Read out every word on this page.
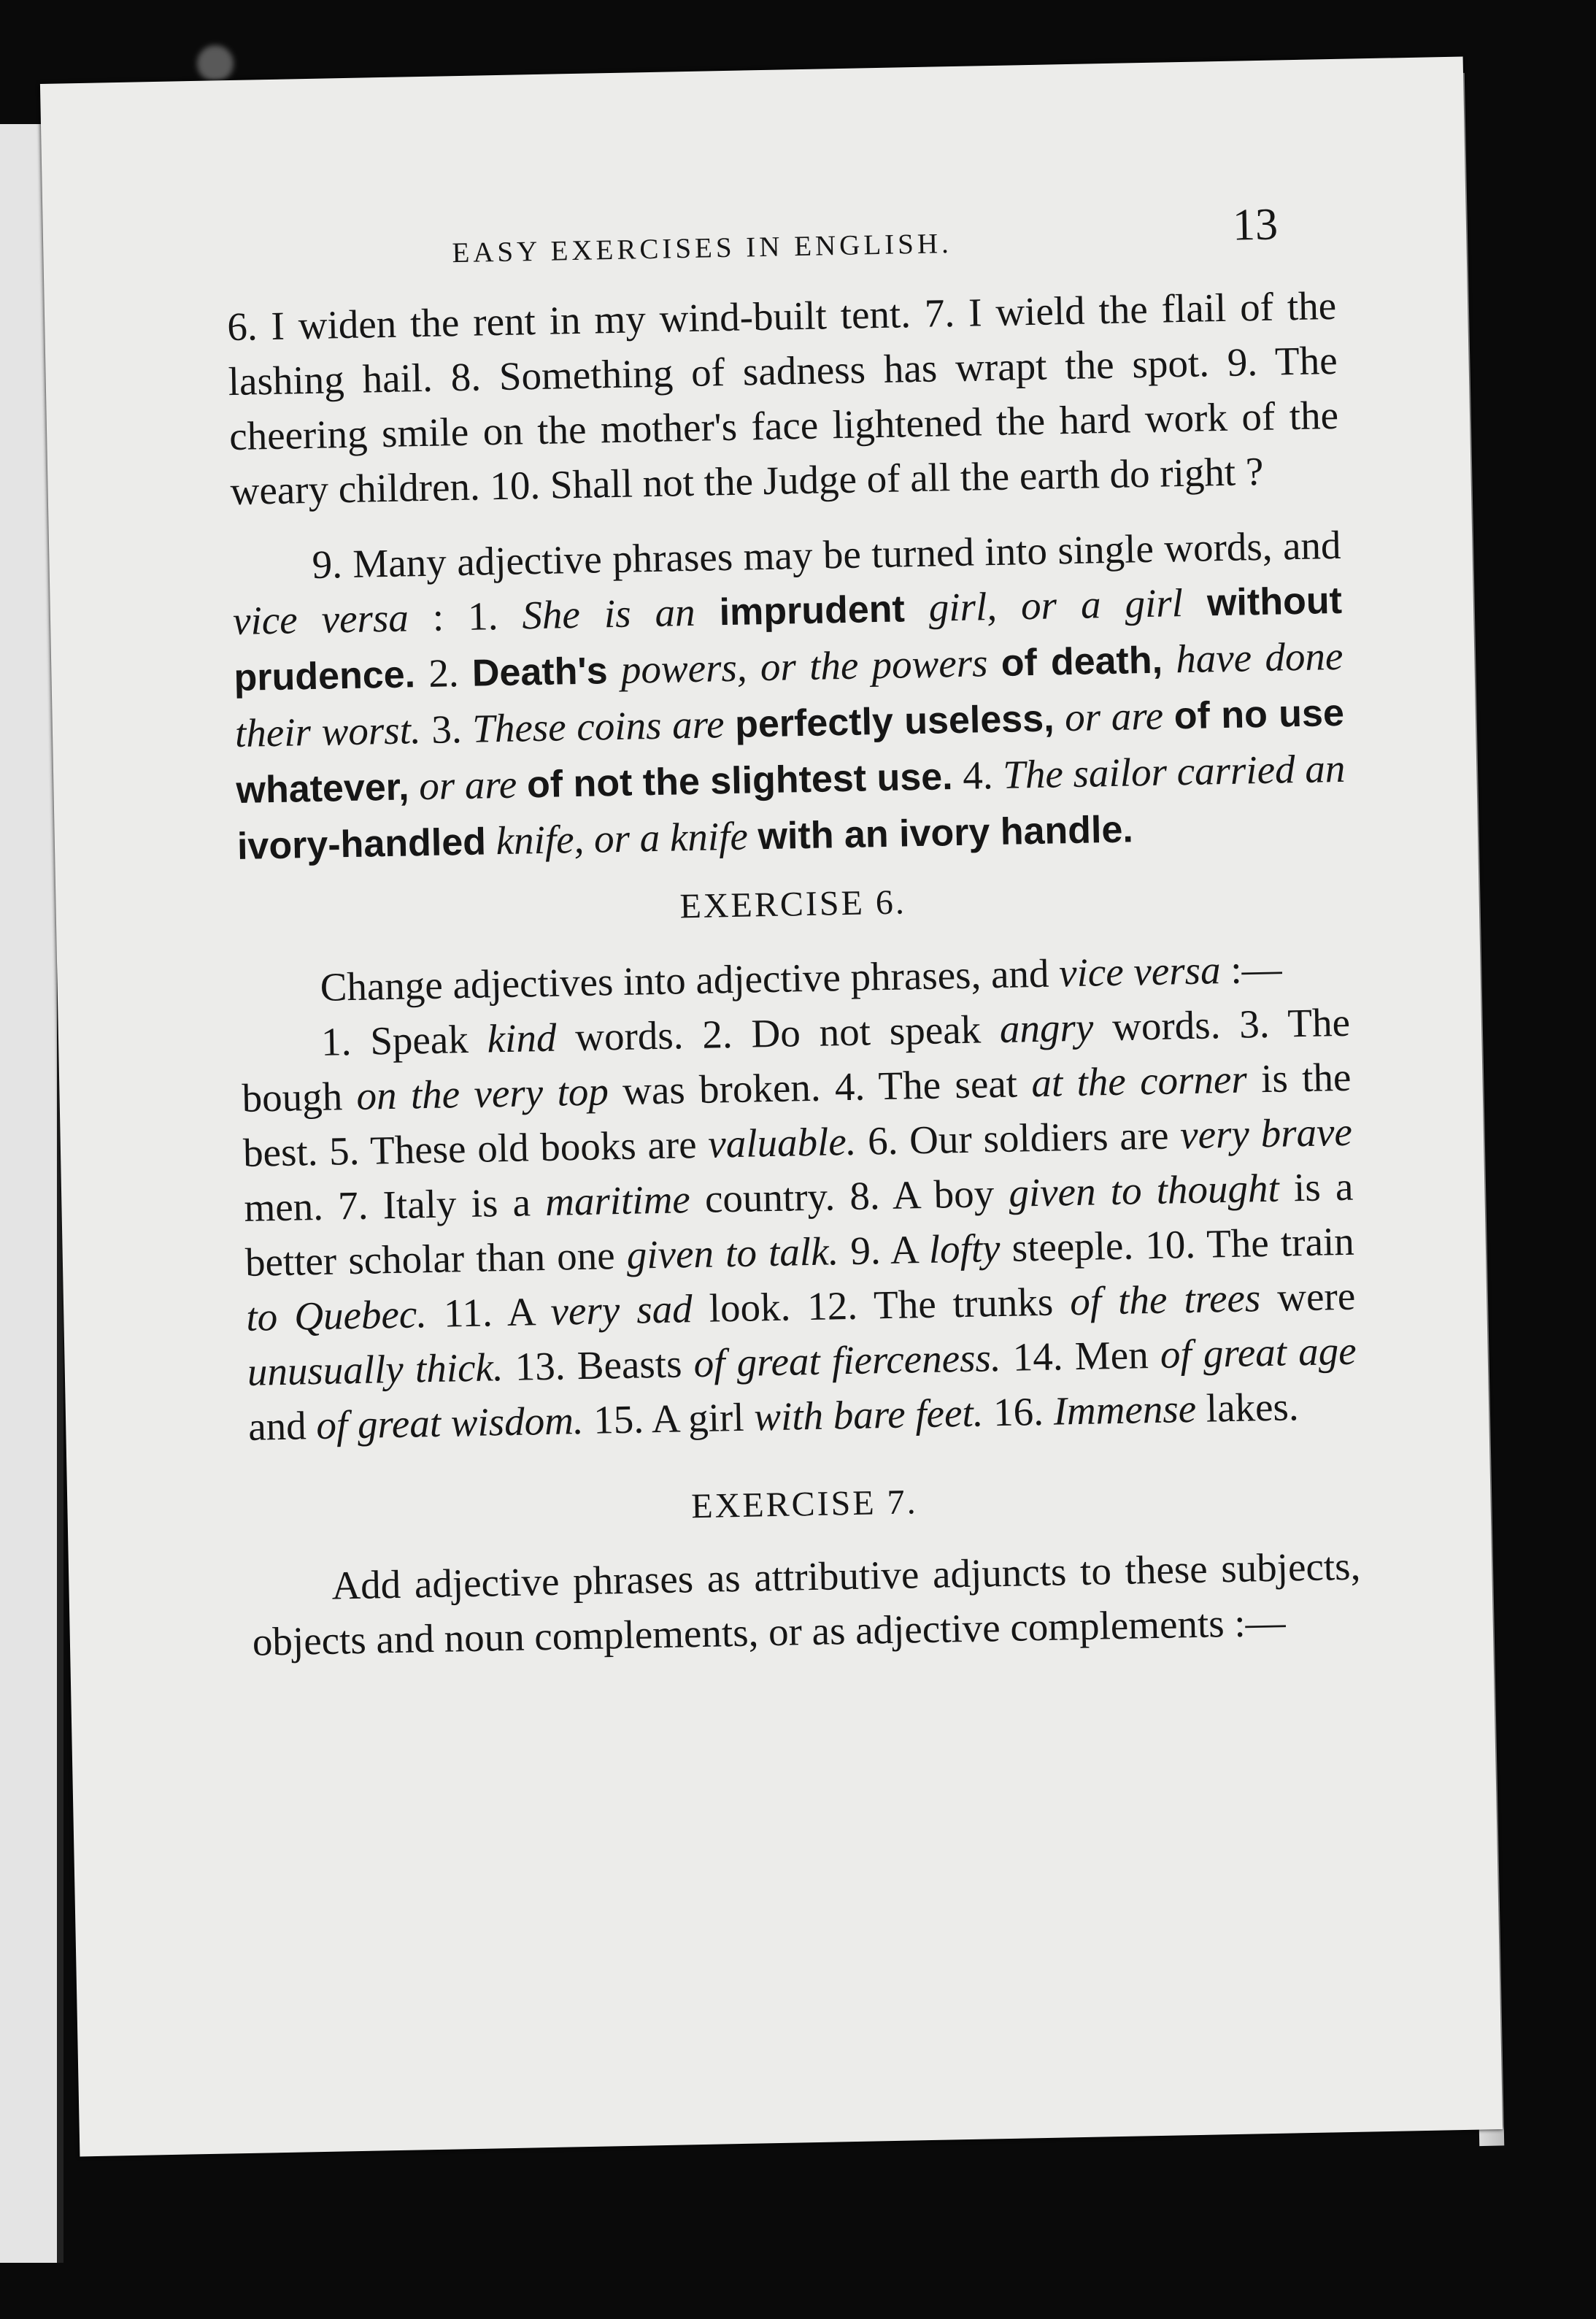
EASY EXERCISES IN ENGLISH.	13

6. I widen the rent in my wind-built tent. 7. I wield the flail of the lashing hail. 8. Something of sadness has wrapt the spot. 9. The cheering smile on the mother's face lightened the hard work of the weary children. 10. Shall not the Judge of all the earth do right ?

9. Many adjective phrases may be turned into single words, and vice versa : 1. She is an imprudent girl, or a girl without prudence. 2. Death's powers, or the powers of death, have done their worst. 3. These coins are perfectly useless, or are of no use whatever, or are of not the slightest use. 4. The sailor carried an ivory-handled knife, or a knife with an ivory handle.

EXERCISE 6.

Change adjectives into adjective phrases, and vice versa :—

1. Speak kind words. 2. Do not speak angry words. 3. The bough on the very top was broken. 4. The seat at the corner is the best. 5. These old books are valuable. 6. Our soldiers are very brave men. 7. Italy is a maritime country. 8. A boy given to thought is a better scholar than one given to talk. 9. A lofty steeple. 10. The train to Quebec. 11. A very sad look. 12. The trunks of the trees were unusually thick. 13. Beasts of great fierceness. 14. Men of great age and of great wisdom. 15. A girl with bare feet. 16. Immense lakes.

EXERCISE 7.

Add adjective phrases as attributive adjuncts to these subjects, objects and noun complements, or as adjective complements :—
